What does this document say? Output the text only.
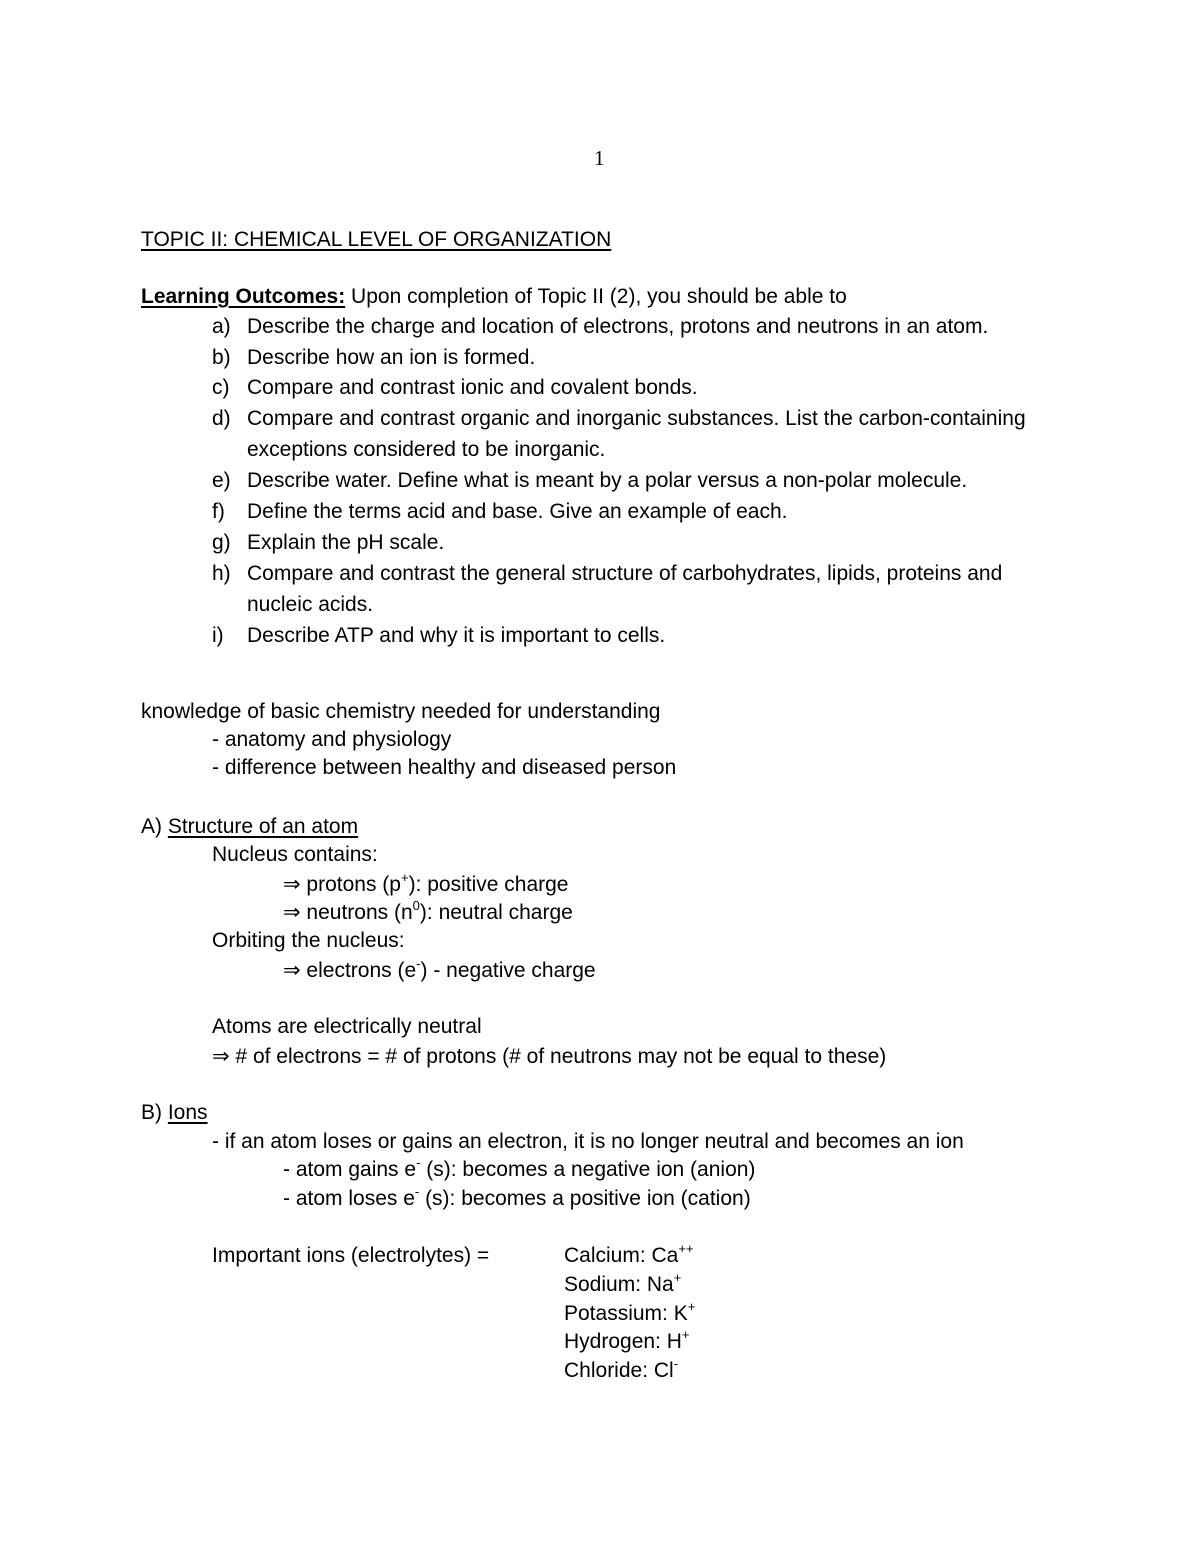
1
TOPIC II: CHEMICAL LEVEL OF ORGANIZATION
Learning Outcomes: Upon completion of Topic II (2), you should be able to
a) Describe the charge and location of electrons, protons and neutrons in an atom.
b) Describe how an ion is formed.
c) Compare and contrast ionic and covalent bonds.
d) Compare and contrast organic and inorganic substances. List the carbon-containing
exceptions considered to be inorganic.
e) Describe water. Define what is meant by a polar versus a non-polar molecule.
f) Define the terms acid and base. Give an example of each.
g) Explain the pH scale.
h) Compare and contrast the general structure of carbohydrates, lipids, proteins and
nucleic acids.
i) Describe ATP and why it is important to cells.
knowledge of basic chemistry needed for understanding
- anatomy and physiology
- difference between healthy and diseased person
A) Structure of an atom
Nucleus contains:
⇒ protons (p+): positive charge
⇒ neutrons $(n^0)$: neutral charge
Orbiting the nucleus:
⇒ electrons (e-) - negative charge
Atoms are electrically neutral
⇒ # of electrons = # of protons (# of neutrons may not be equal to these)
B) Ions
- if an atom loses or gains an electron, it is no longer neutral and becomes an ion
- atom gains e- (s): becomes a negative ion (anion)
- atom loses e- (s): becomes a positive ion (cation)
Important ions (electrolytes) =	Calcium: Ca++
Sodium: Na+
Potassium: K+
Hydrogen: H+
Chloride: Cl-
